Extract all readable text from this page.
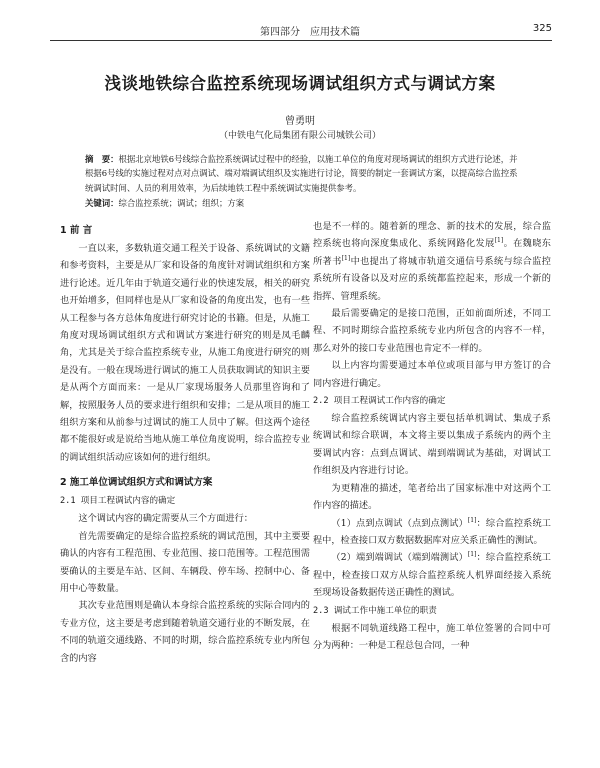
第四部分　应用技术篇	325
浅谈地铁综合监控系统现场调试组织方式与调试方案
曾勇明
（中铁电气化局集团有限公司城铁公司）
摘　要：根据北京地铁6号线综合监控系统调试过程中的经验，以施工单位的角度对现场调试的组织方式进行论述，并根据6号线的实施过程对点对点调试、端对端调试组织及实施进行讨论，简要的制定一套调试方案，以提高综合监控系统调试时间、人员的利用效率，为后续地铁工程中系统调试实施提供参考。
关键词：综合监控系统；调试；组织；方案

1 前 言

一直以来，多数轨道交通工程关于设备、系统调试的文籍和参考资料，主要是从厂家和设备的角度针对调试组织和方案进行论述。近几年由于轨道交通行业的快速发展，相关的研究也开始增多，但同样也是从厂家和设备的角度出发，也有一些从工程参与各方总体角度进行研究讨论的书籍。但是，从施工角度对现场调试组织方式和调试方案进行研究的则是凤毛麟角，尤其是关于综合监控系统专业，从施工角度进行研究的则是没有。一般在现场进行调试的施工人员获取调试的知识主要是从两个方面而来：一是从厂家现场服务人员那里咨询和了解，按照服务人员的要求进行组织和安排；二是从项目的施工组织方案和从前参与过调试的施工人员中了解。但这两个途径都不能很好或是说给当地从施工单位角度说明，综合监控专业的调试组织活动应该如何的进行组织。

2 施工单位调试组织方式和调试方案

2.1 项目工程调试内容的确定

这个调试内容的确定需要从三个方面进行：

首先需要确定的是综合监控系统的调试范围，其中主要要确认的内容有工程范围、专业范围、接口范围等。工程范围需要确认的主要是车站、区间、车辆段、停车场、控制中心、备用中心等数量。

其次专业范围则是确认本身综合监控系统的实际合同内的专业方位，这主要是考虑到随着轨道交通行业的不断发展，在不同的轨道交通线路、不同的时期，综合监控系统专业内所包含的内容

也是不一样的。随着新的理念、新的技术的发展，综合监控系统也将向深度集成化、系统网路化发展[1]。在魏晓东所著书[1]中也提出了将城市轨道交通信号系统与综合监控系统所有设备以及对应的系统都监控起来，形成一个新的指挥、管理系统。

最后需要确定的是接口范围，正如前面所述，不同工程、不同时期综合监控系统专业内所包含的内容不一样，那么对外的接口专业范围也肯定不一样的。

以上内容均需要通过本单位或项目部与甲方签订的合同内容进行确定。

2.2 项目工程调试工作内容的确定

综合监控系统调试内容主要包括单机调试、集成子系统调试和综合联调，本文将主要以集成子系统内的两个主要调试内容：点到点调试、端到端调试为基础，对调试工作组织及内容进行讨论。

为更精准的描述，笔者给出了国家标准中对这两个工作内容的描述。

（1）点到点调试（点到点测试）[1]：综合监控系统工程中，检查接口双方数据数据库对应关系正确性的测试。

（2）端到端调试（端到端测试）[1]：综合监控系统工程中，检查接口双方从综合监控系统人机界面经接入系统至现场设备数据传送正确性的测试。

2.3 调试工作中施工单位的职责

根据不同轨道线路工程中，施工单位签署的合同中可分为两种：一种是工程总包合同，一种
